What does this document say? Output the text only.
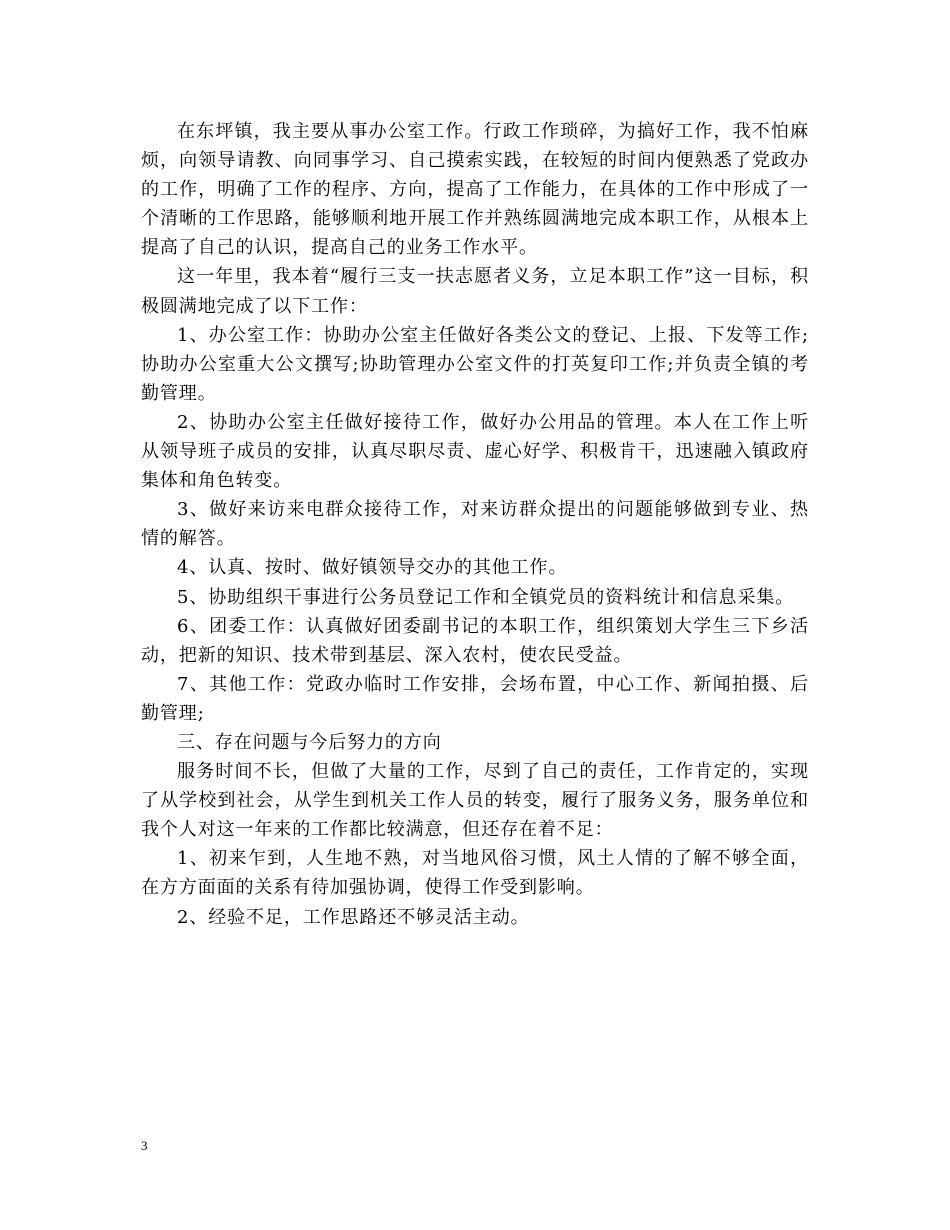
在东坪镇，我主要从事办公室工作。行政工作琐碎，为搞好工作，我不怕麻烦，向领导请教、向同事学习、自己摸索实践，在较短的时间内便熟悉了党政办的工作，明确了工作的程序、方向，提高了工作能力，在具体的工作中形成了一个清晰的工作思路，能够顺利地开展工作并熟练圆满地完成本职工作，从根本上提高了自己的认识，提高自己的业务工作水平。

这一年里，我本着“履行三支一扶志愿者义务，立足本职工作”这一目标，积极圆满地完成了以下工作：

1、办公室工作：协助办公室主任做好各类公文的登记、上报、下发等工作;协助办公室重大公文撰写;协助管理办公室文件的打英复印工作;并负责全镇的考勤管理。

2、协助办公室主任做好接待工作，做好办公用品的管理。本人在工作上听从领导班子成员的安排，认真尽职尽责、虚心好学、积极肯干，迅速融入镇政府集体和角色转变。

3、做好来访来电群众接待工作，对来访群众提出的问题能够做到专业、热情的解答。

4、认真、按时、做好镇领导交办的其他工作。

5、协助组织干事进行公务员登记工作和全镇党员的资料统计和信息采集。

6、团委工作：认真做好团委副书记的本职工作，组织策划大学生三下乡活动，把新的知识、技术带到基层、深入农村，使农民受益。

7、其他工作：党政办临时工作安排，会场布置，中心工作、新闻拍摄、后勤管理;

三、存在问题与今后努力的方向

服务时间不长，但做了大量的工作，尽到了自己的责任，工作肯定的，实现了从学校到社会，从学生到机关工作人员的转变，履行了服务义务，服务单位和我个人对这一年来的工作都比较满意，但还存在着不足：

1、初来乍到，人生地不熟，对当地风俗习惯，风土人情的了解不够全面，在方方面面的关系有待加强协调，使得工作受到影响。

2、经验不足，工作思路还不够灵活主动。

3
